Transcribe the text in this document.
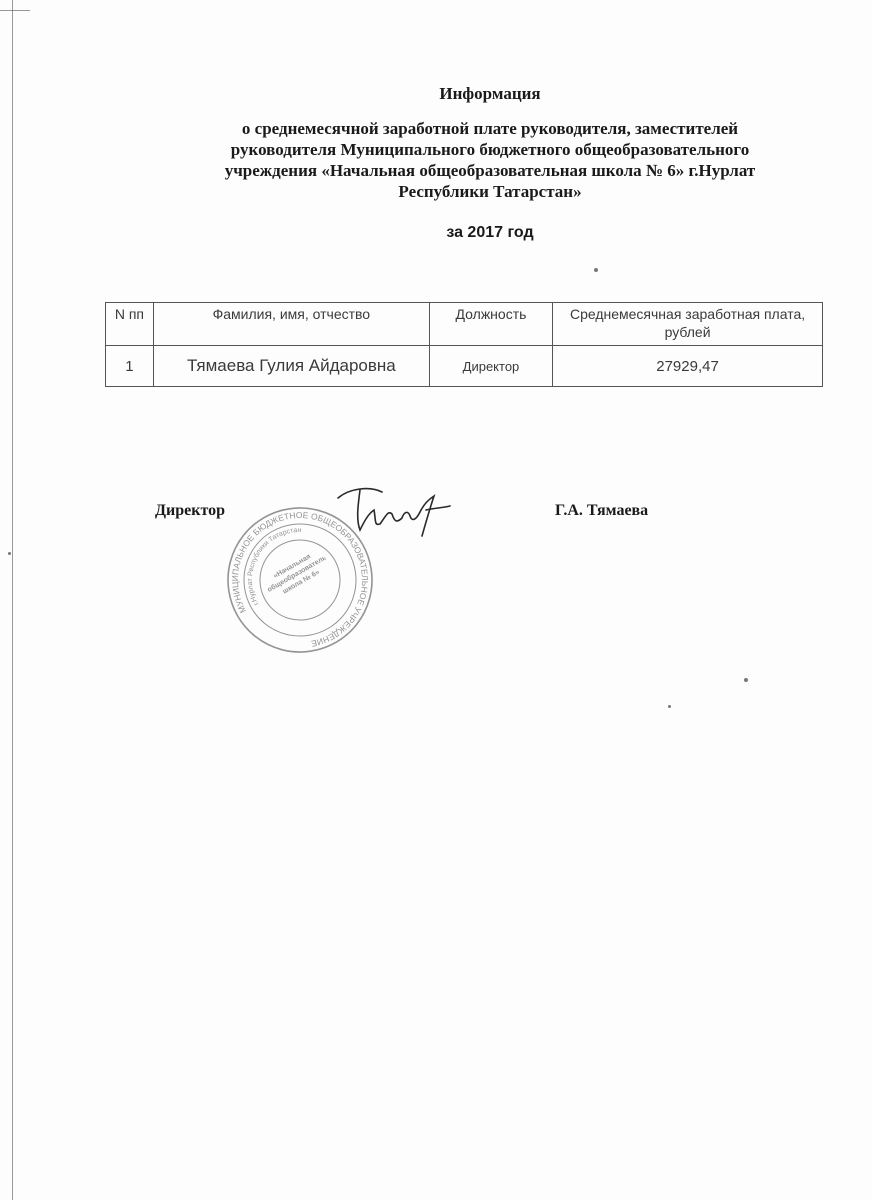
Информация
о среднемесячной заработной плате руководителя, заместителей
руководителя Муниципального бюджетного общеобразовательного
учреждения «Начальная общеобразовательная школа № 6» г.Нурлат
Республики Татарстан»
за 2017 год
N пп	Фамилия, имя, отчество	Должность	Среднемесячная заработная плата, рублей
1	Тямаева Гулия Айдаровна	Директор	27929,47
Директор	Г.А. Тямаева
МУНИЦИПАЛЬНОЕ БЮДЖЕТНОЕ ОБЩЕОБРАЗОВАТЕЛЬНОЕ УЧРЕЖДЕНИЕ
г.Нурлат Республики Татарстан
«Начальная общеобразовательная школа № 6»
